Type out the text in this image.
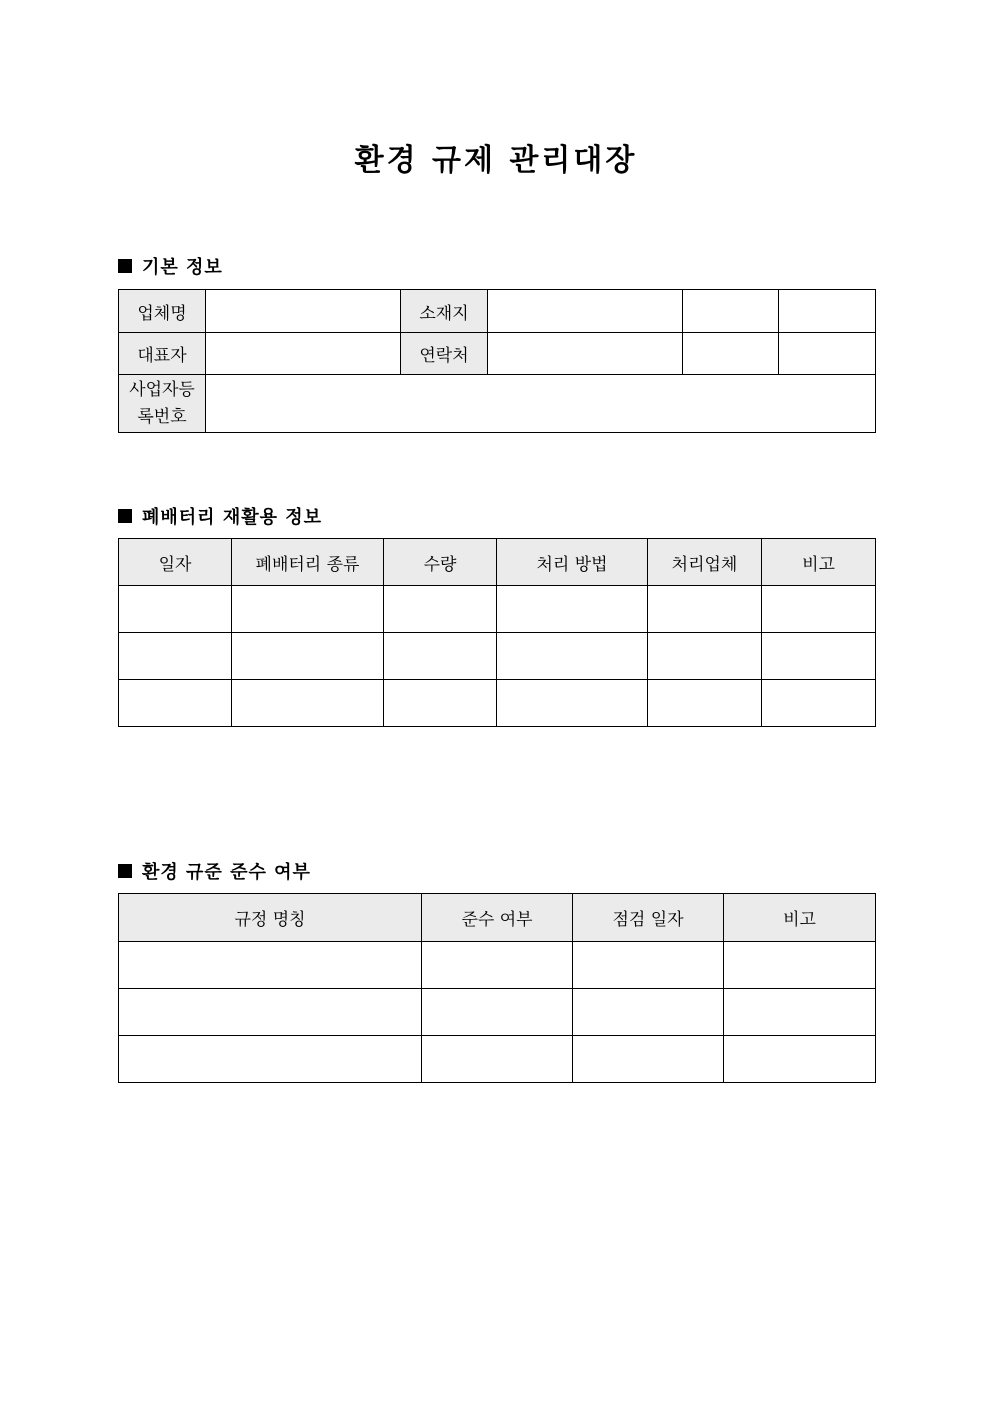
환경 규제 관리대장
기본 정보
업체명		소재지			
대표자		연락처			

사업자등
록번호					

폐배터리 재활용 정보
일자	폐배터리 종류	수량	처리 방법	처리업체	비고

환경 규준 준수 여부
규정 명칭	준수 여부	점검 일자	비고
